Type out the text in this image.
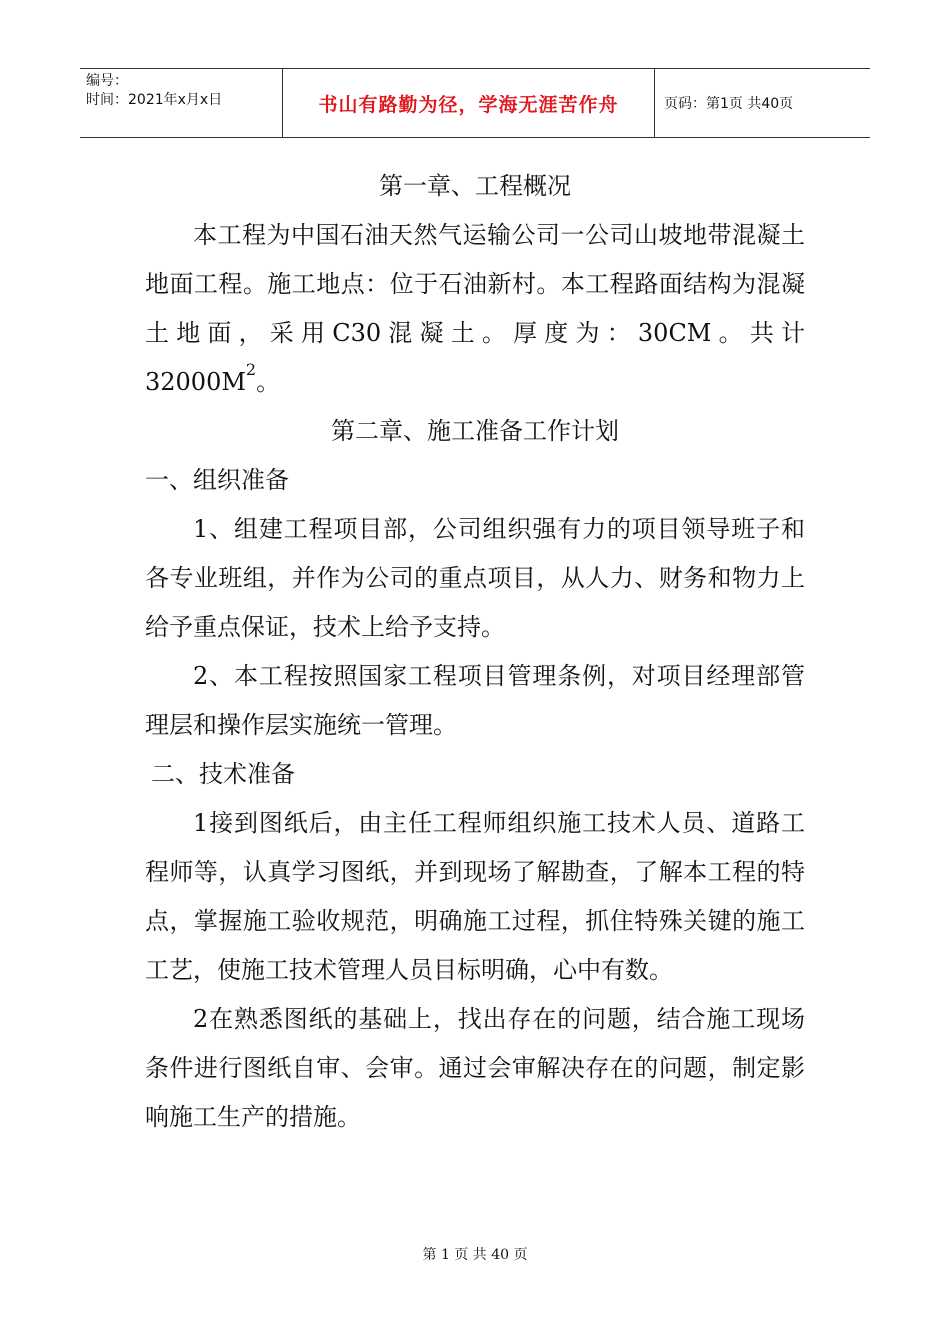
编号：
时间：2021年x月x日	书山有路勤为径，学海无涯苦作舟	页码：第1页 共40页
第一章、工程概况

本工程为中国石油天然气运输公司一公司山坡地带混凝土地面工程。施工地点：位于石油新村。本工程路面结构为混凝土地面，采用C30混凝土。厚度为：30CM。共计$32000M^2$。

第二章、施工准备工作计划

一、组织准备

1、组建工程项目部，公司组织强有力的项目领导班子和各专业班组，并作为公司的重点项目，从人力、财务和物力上给予重点保证，技术上给予支持。

2、本工程按照国家工程项目管理条例，对项目经理部管理层和操作层实施统一管理。

二、技术准备

1接到图纸后，由主任工程师组织施工技术人员、道路工程师等，认真学习图纸，并到现场了解勘查，了解本工程的特点，掌握施工验收规范，明确施工过程，抓住特殊关键的施工工艺，使施工技术管理人员目标明确，心中有数。

2在熟悉图纸的基础上，找出存在的问题，结合施工现场条件进行图纸自审、会审。通过会审解决存在的问题，制定影响施工生产的措施。

第 1 页 共 40 页
